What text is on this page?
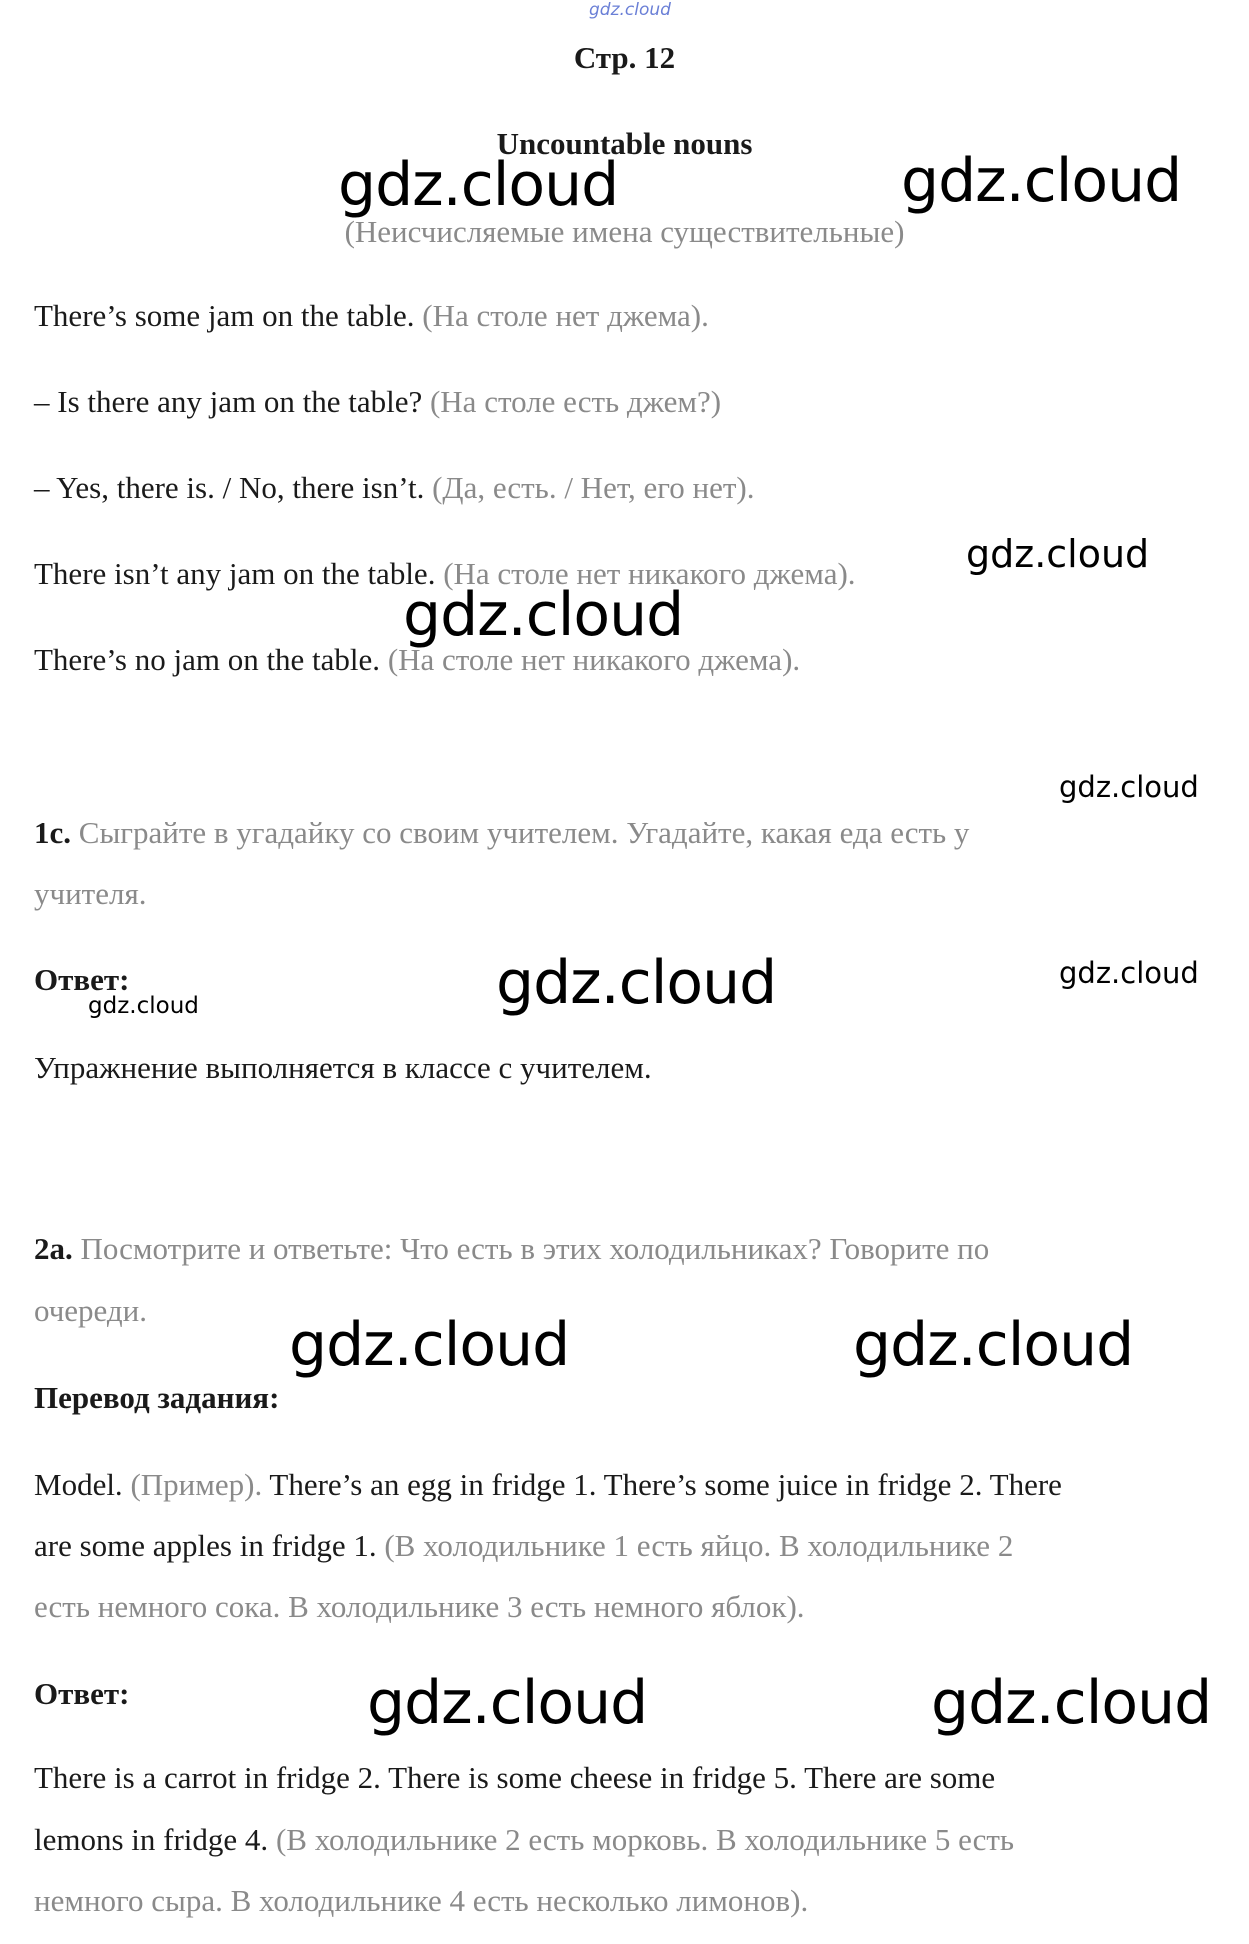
gdz.cloud
Стр. 12
Uncountable nouns
(Неисчисляемые имена существительные)
There’s some jam on the table. (На столе нет джема).
– Is there any jam on the table? (На столе есть джем?)
– Yes, there is. / No, there isn’t. (Да, есть. / Нет, его нет).
There isn’t any jam on the table. (На столе нет никакого джема).
There’s no jam on the table. (На столе нет никакого джема).
1c. Сыграйте в угадайку со своим учителем. Угадайте, какая еда есть у
учителя.
Ответ:
Упражнение выполняется в классе с учителем.
2a. Посмотрите и ответьте: Что есть в этих холодильниках? Говорите по
очереди.
Перевод задания:
Model. (Пример). There’s an egg in fridge 1. There’s some juice in fridge 2. There
are some apples in fridge 1. (В холодильнике 1 есть яйцо. В холодильнике 2
есть немного сока. В холодильнике 3 есть немного яблок).
Ответ:
There is a carrot in fridge 2. There is some cheese in fridge 5. There are some
lemons in fridge 4. (В холодильнике 2 есть морковь. В холодильнике 5 есть
немного сыра. В холодильнике 4 есть несколько лимонов).
gdz.cloud	gdz.cloud
gdz.cloud
gdz.cloud
gdz.cloud
gdz.cloud	gdz.cloud
gdz.cloud
gdz.cloud	gdz.cloud
gdz.cloud	gdz.cloud
